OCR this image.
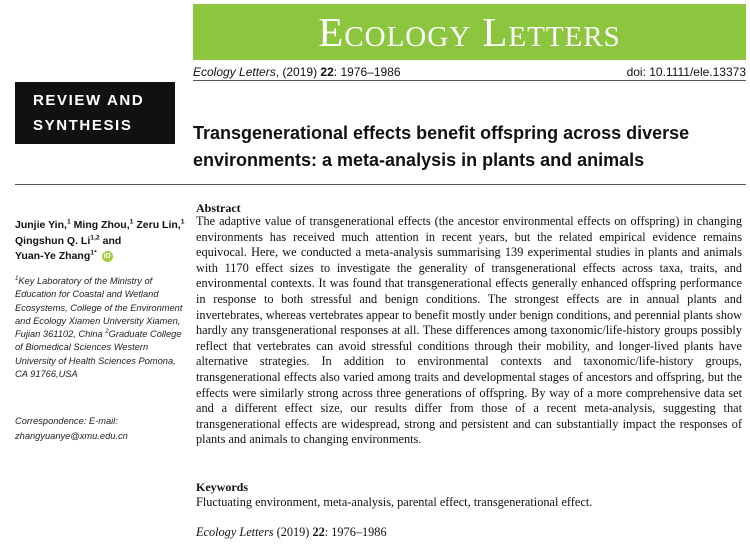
Ecology Letters
Ecology Letters, (2019) 22: 1976–1986	doi: 10.1111/ele.13373
REVIEW AND
SYNTHESIS	Transgenerational effects benefit offspring across diverse environments: a meta-analysis in plants and animals
Junjie Yin,$^1$ Ming Zhou,$^1$ Zeru Lin,$^1$
Qingshun Q. Li$^{1,2}$ and
Yuan-Ye Zhang$^{1*}$ iD
$^1$Key Laboratory of the Ministry of Education for Coastal and Wetland Ecosystems, College of the Environment and Ecology Xiamen University Xiamen, Fujian 361102, China $^2$Graduate College of Biomedical Sciences Western University of Health Sciences Pomona, CA 91766,USA
Correspondence: E-mail:
zhangyuanye@xmu.edu.cn
Abstract
The adaptive value of transgenerational effects (the ancestor environmental effects on offspring) in changing environments has received much attention in recent years, but the related empirical evidence remains equivocal. Here, we conducted a meta-analysis summarising 139 experimental studies in plants and animals with 1170 effect sizes to investigate the generality of transgenerational effects across taxa, traits, and environmental contexts. It was found that transgenerational effects generally enhanced offspring performance in response to both stressful and benign conditions. The strongest effects are in annual plants and invertebrates, whereas vertebrates appear to benefit mostly under benign conditions, and perennial plants show hardly any transgenerational responses at all. These differences among taxonomic/life-history groups possibly reflect that vertebrates can avoid stressful conditions through their mobility, and longer-lived plants have alternative strategies. In addition to environmental contexts and taxonomic/life-history groups, transgenerational effects also varied among traits and developmental stages of ancestors and offspring, but the effects were similarly strong across three generations of offspring. By way of a more comprehensive data set and a different effect size, our results differ from those of a recent meta-analysis, suggesting that transgenerational effects are widespread, strong and persistent and can substantially impact the responses of plants and animals to changing environments.
Keywords
Fluctuating environment, meta-analysis, parental effect, transgenerational effect.
Ecology Letters (2019) 22: 1976–1986
